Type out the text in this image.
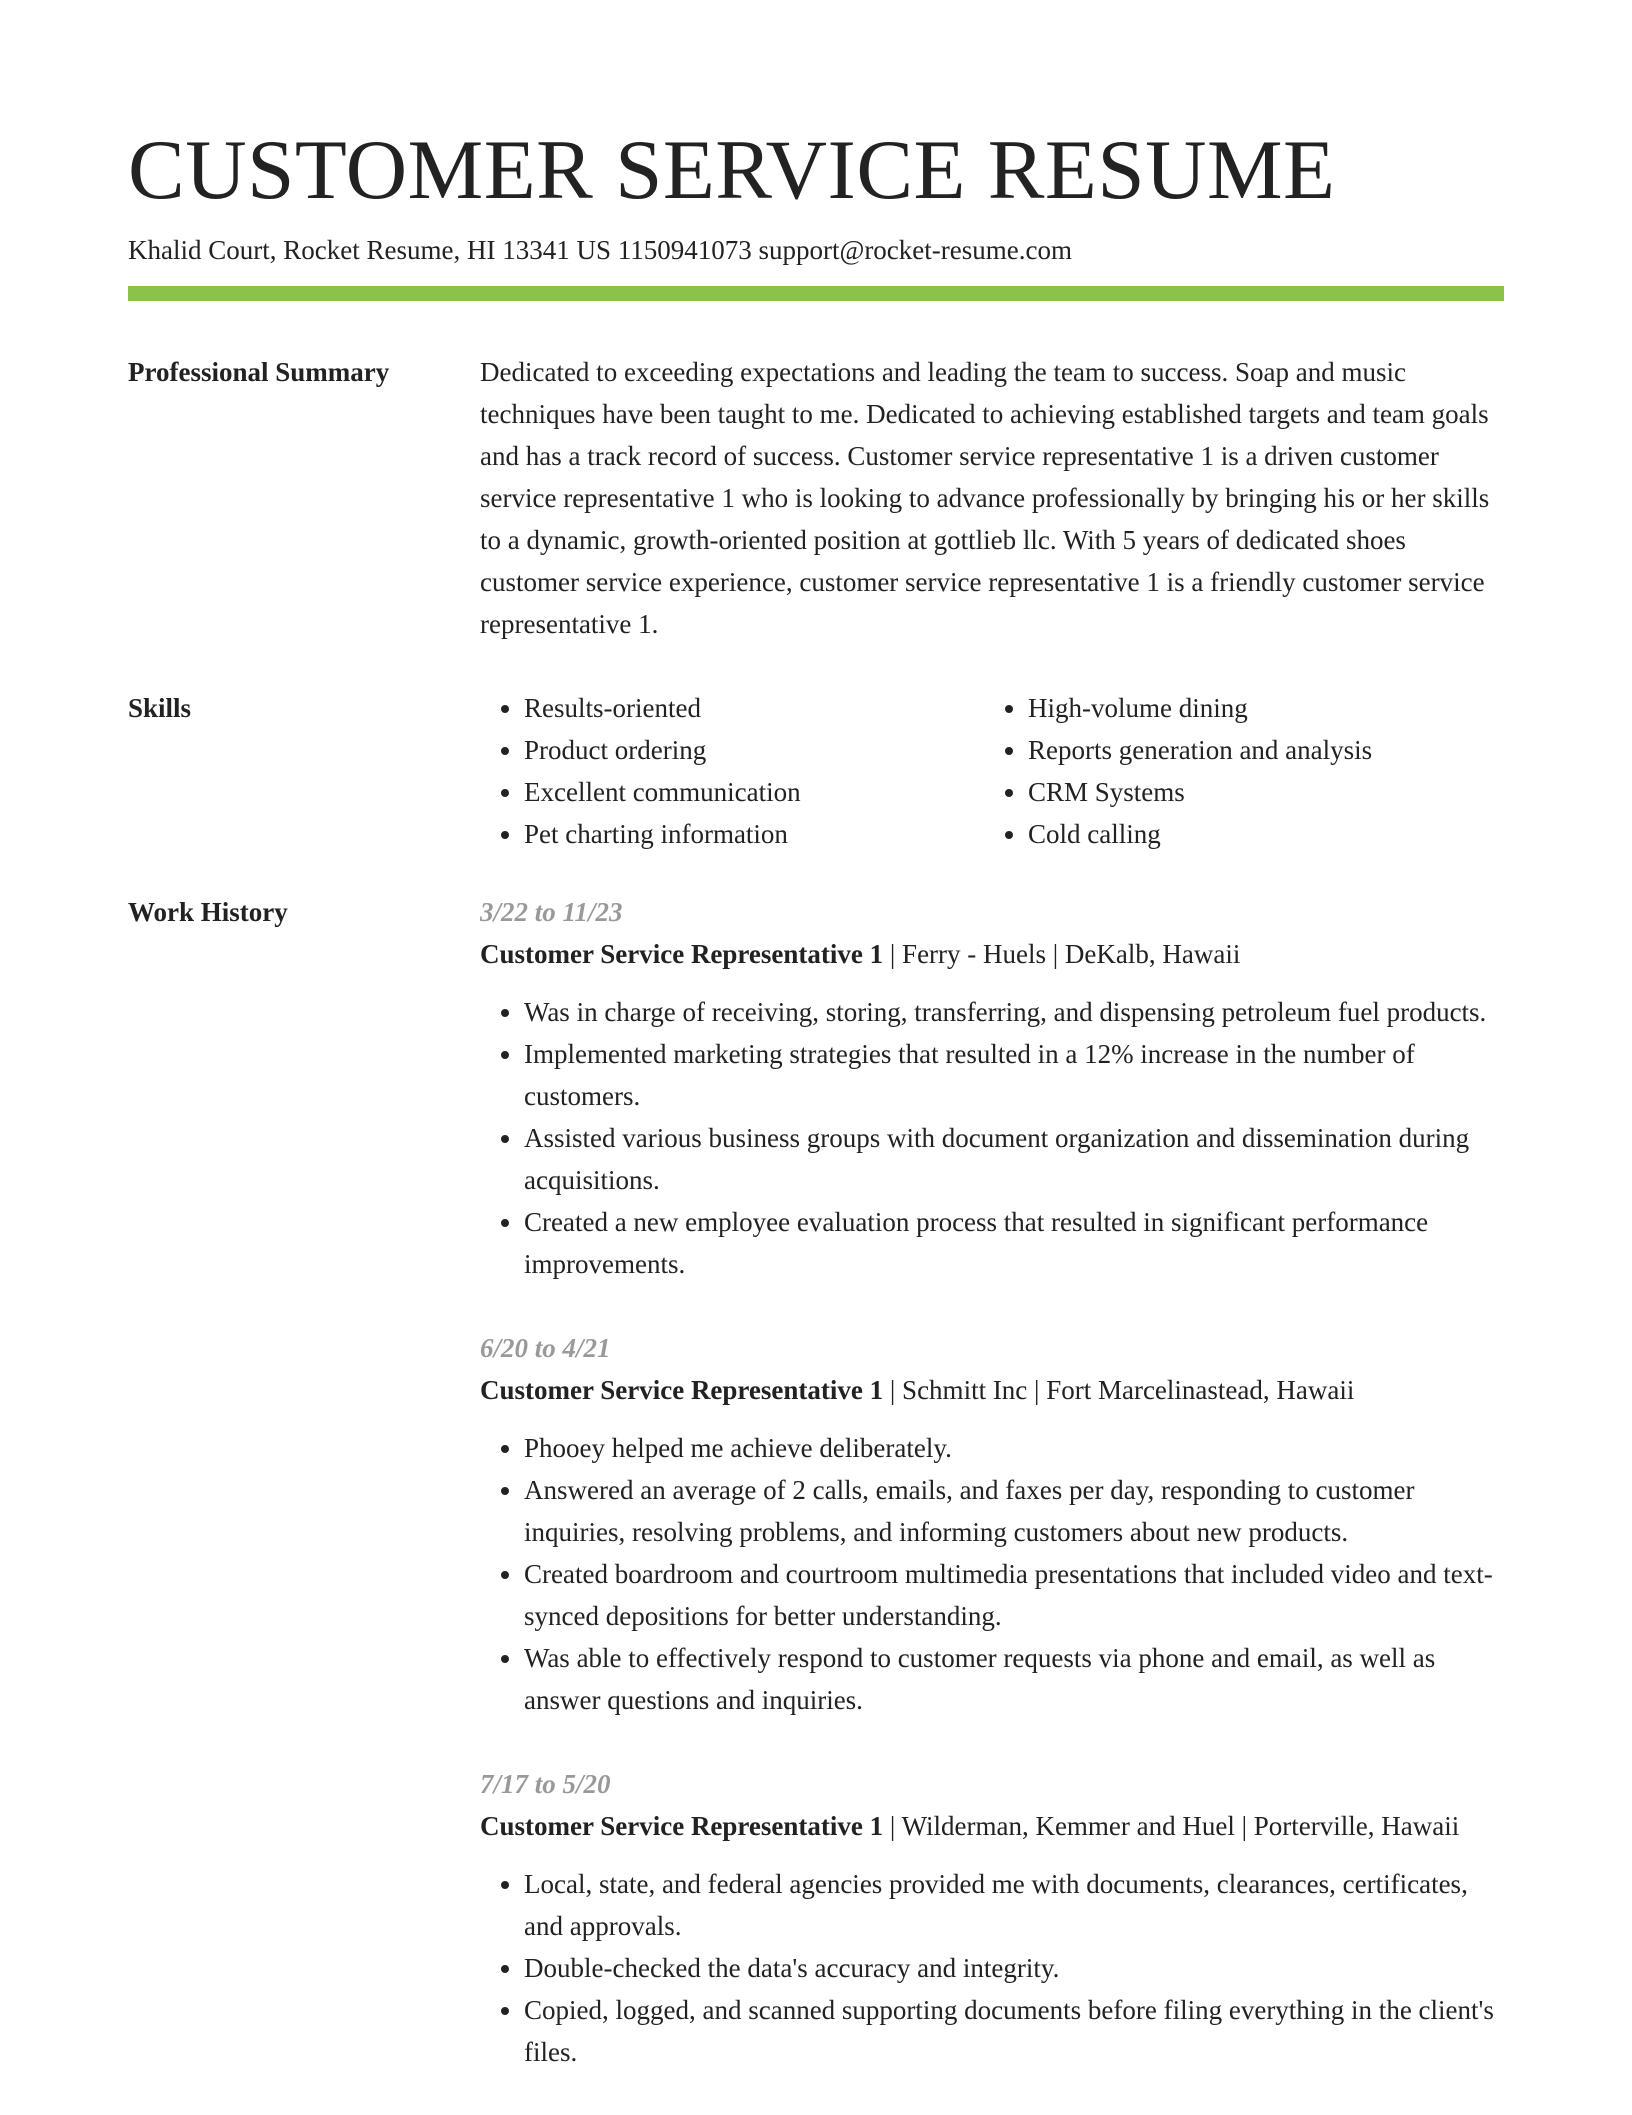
CUSTOMER SERVICE RESUME
Khalid Court, Rocket Resume, HI 13341 US 1150941073 support@rocket-resume.com
Professional Summary	Dedicated to exceeding expectations and leading the team to success. Soap and music techniques have been taught to me. Dedicated to achieving established targets and team goals and has a track record of success. Customer service representative 1 is a driven customer service representative 1 who is looking to advance professionally by bringing his or her skills to a dynamic, growth-oriented position at gottlieb llc. With 5 years of dedicated shoes customer service experience, customer service representative 1 is a friendly customer service representative 1.

Skills
•	Results-oriented
• Product ordering
• Excellent communication
• Pet charting information
• High-volume dining
• Reports generation and analysis
• CRM Systems
• Cold calling
Work History	3/22 to 11/23
Customer Service Representative 1 | Ferry - Huels | DeKalb, Hawaii
• Was in charge of receiving, storing, transferring, and dispensing petroleum fuel products.
• Implemented marketing strategies that resulted in a 12% increase in the number of customers.
• Assisted various business groups with document organization and dissemination during acquisitions.
• Created a new employee evaluation process that resulted in significant performance improvements.
6/20 to 4/21
Customer Service Representative 1 | Schmitt Inc | Fort Marcelinastead, Hawaii
• Phooey helped me achieve deliberately.
• Answered an average of 2 calls, emails, and faxes per day, responding to customer inquiries, resolving problems, and informing customers about new products.
• Created boardroom and courtroom multimedia presentations that included video and text-synced depositions for better understanding.
• Was able to effectively respond to customer requests via phone and email, as well as answer questions and inquiries.
7/17 to 5/20
Customer Service Representative 1 | Wilderman, Kemmer and Huel | Porterville, Hawaii
• Local, state, and federal agencies provided me with documents, clearances, certificates, and approvals.
• Double-checked the data's accuracy and integrity.
• Copied, logged, and scanned supporting documents before filing everything in the client's files.
